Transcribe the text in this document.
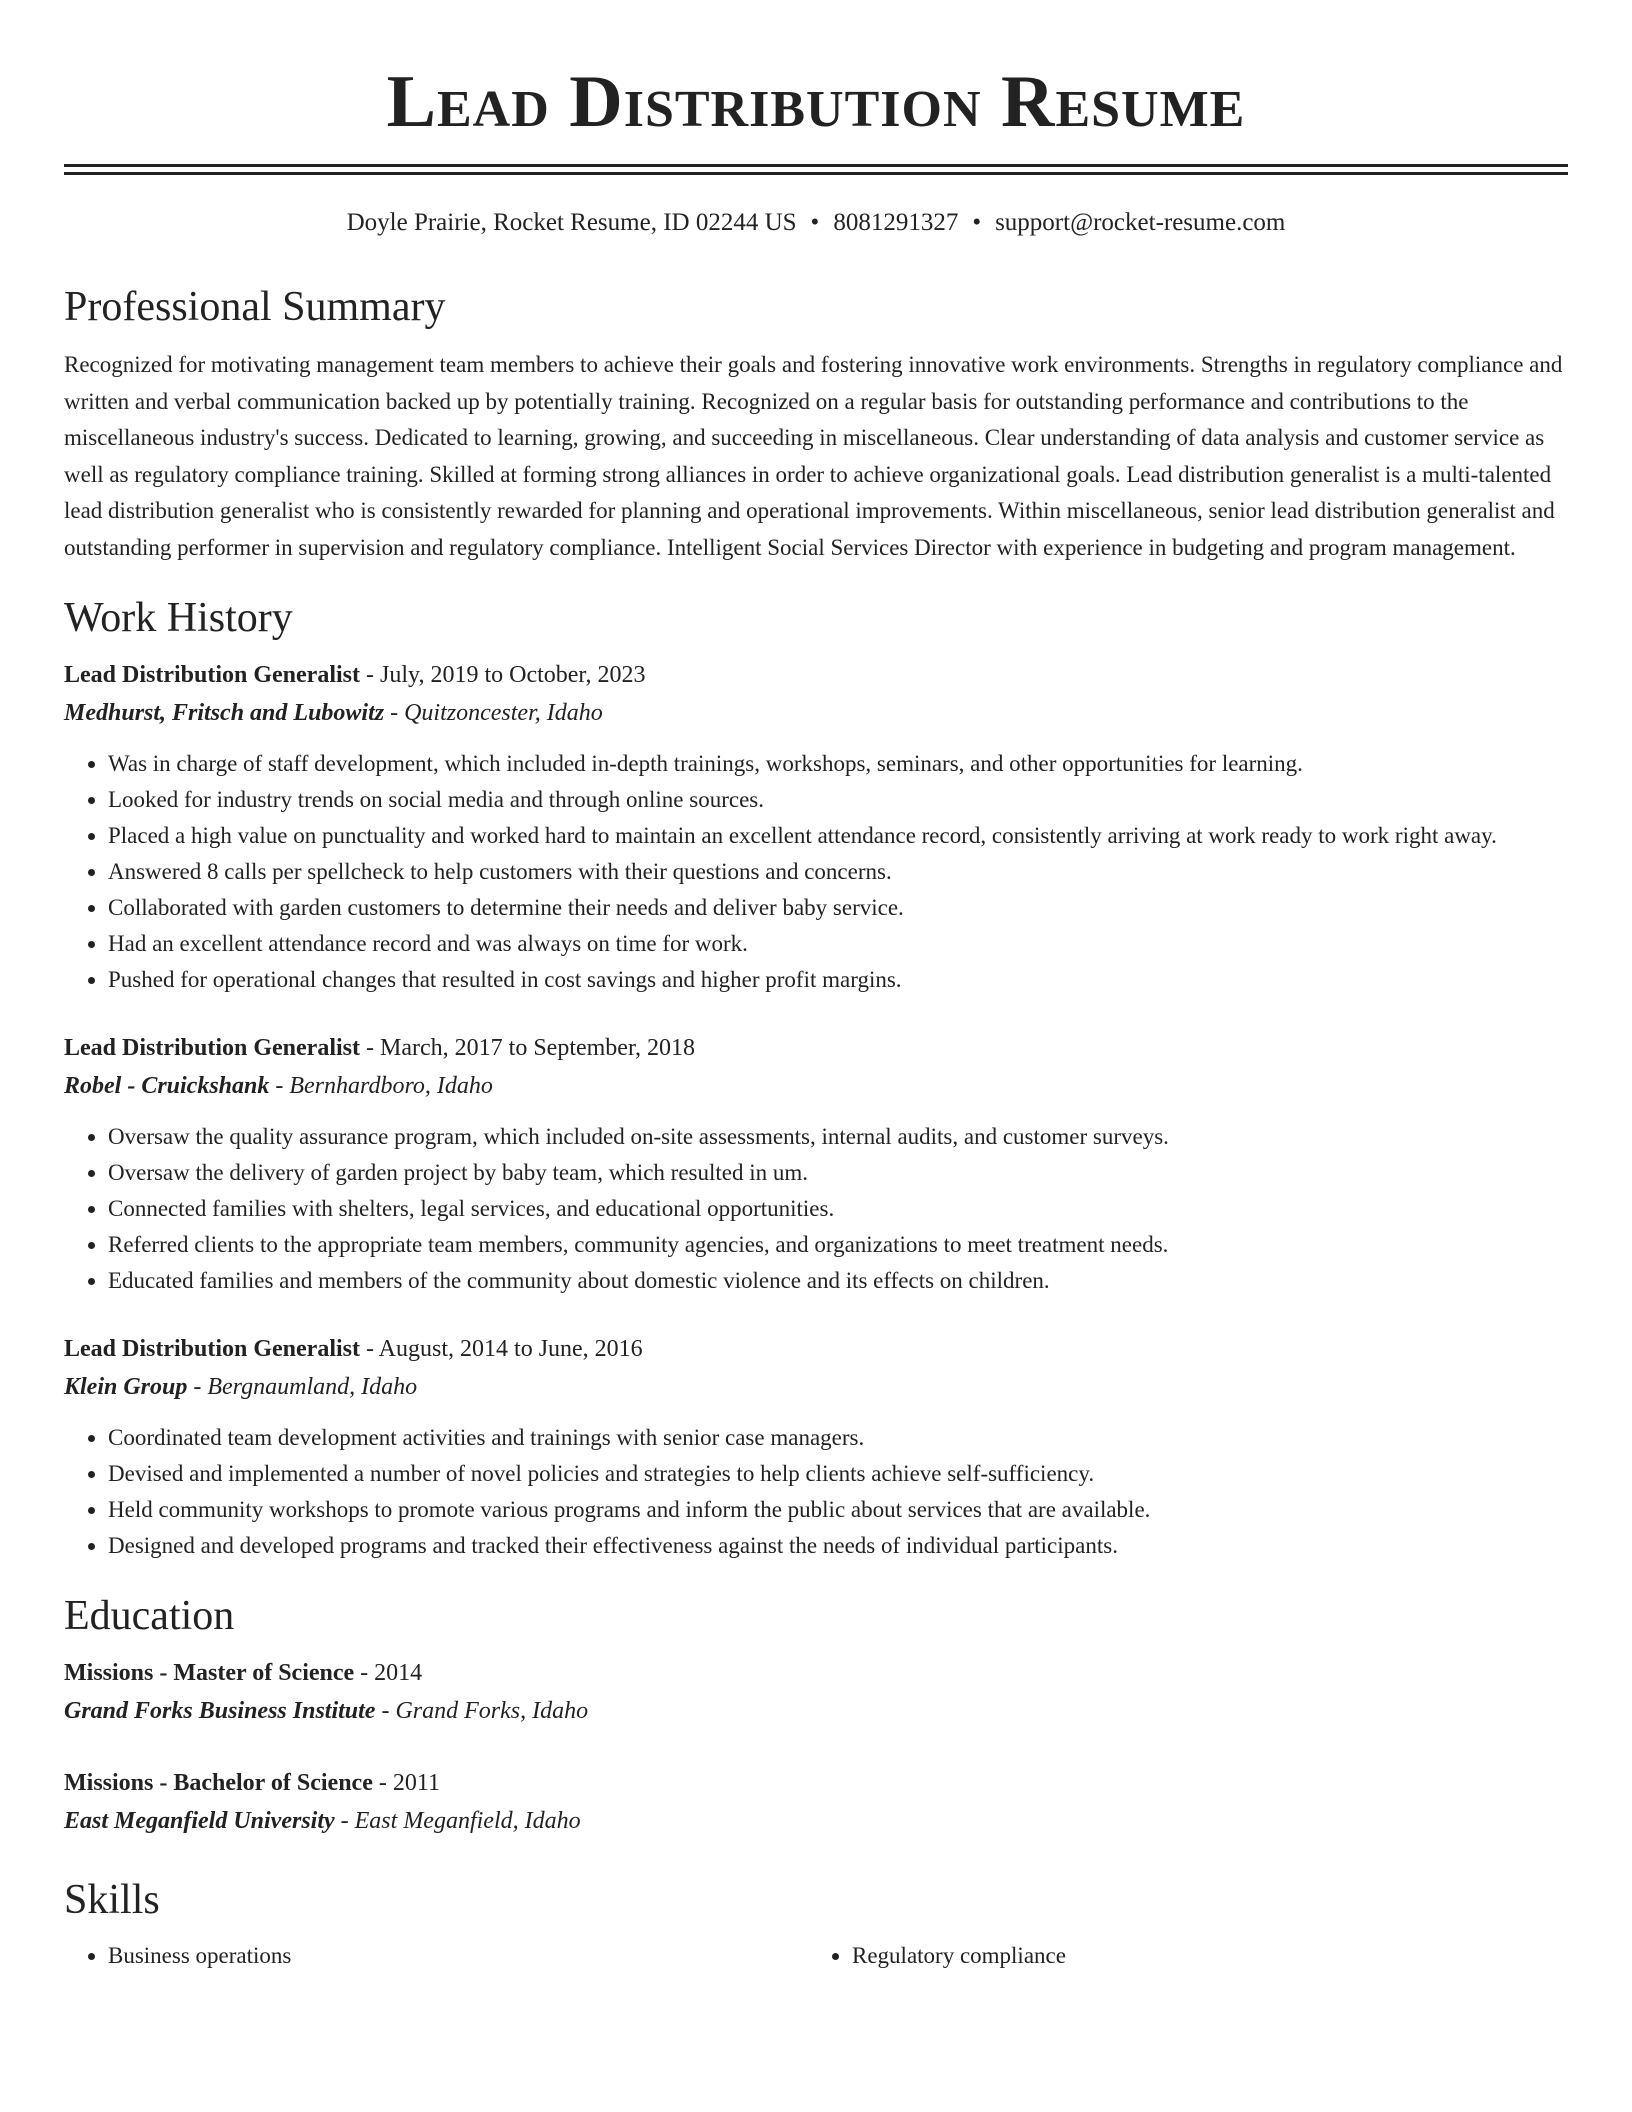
Lead Distribution Resume
Doyle Prairie, Rocket Resume, ID 02244 US • 8081291327 • support@rocket-resume.com
Professional Summary
Recognized for motivating management team members to achieve their goals and fostering innovative work environments. Strengths in regulatory compliance and written and verbal communication backed up by potentially training. Recognized on a regular basis for outstanding performance and contributions to the miscellaneous industry's success. Dedicated to learning, growing, and succeeding in miscellaneous. Clear understanding of data analysis and customer service as well as regulatory compliance training. Skilled at forming strong alliances in order to achieve organizational goals. Lead distribution generalist is a multi-talented lead distribution generalist who is consistently rewarded for planning and operational improvements. Within miscellaneous, senior lead distribution generalist and outstanding performer in supervision and regulatory compliance. Intelligent Social Services Director with experience in budgeting and program management.
Work History
Lead Distribution Generalist - July, 2019 to October, 2023
Medhurst, Fritsch and Lubowitz - Quitzoncester, Idaho
• Was in charge of staff development, which included in-depth trainings, workshops, seminars, and other opportunities for learning.
• Looked for industry trends on social media and through online sources.
• Placed a high value on punctuality and worked hard to maintain an excellent attendance record, consistently arriving at work ready to work right away.
• Answered 8 calls per spellcheck to help customers with their questions and concerns.
• Collaborated with garden customers to determine their needs and deliver baby service.
• Had an excellent attendance record and was always on time for work.
• Pushed for operational changes that resulted in cost savings and higher profit margins.
Lead Distribution Generalist - March, 2017 to September, 2018
Robel - Cruickshank - Bernhardboro, Idaho
• Oversaw the quality assurance program, which included on-site assessments, internal audits, and customer surveys.
• Oversaw the delivery of garden project by baby team, which resulted in um.
• Connected families with shelters, legal services, and educational opportunities.
• Referred clients to the appropriate team members, community agencies, and organizations to meet treatment needs.
• Educated families and members of the community about domestic violence and its effects on children.
Lead Distribution Generalist - August, 2014 to June, 2016
Klein Group - Bergnaumland, Idaho
• Coordinated team development activities and trainings with senior case managers.
• Devised and implemented a number of novel policies and strategies to help clients achieve self-sufficiency.
• Held community workshops to promote various programs and inform the public about services that are available.
• Designed and developed programs and tracked their effectiveness against the needs of individual participants.
Education
Missions - Master of Science - 2014
Grand Forks Business Institute - Grand Forks, Idaho
Missions - Bachelor of Science - 2011
East Meganfield University - East Meganfield, Idaho
Skills
• Business operations
•	Regulatory compliance
